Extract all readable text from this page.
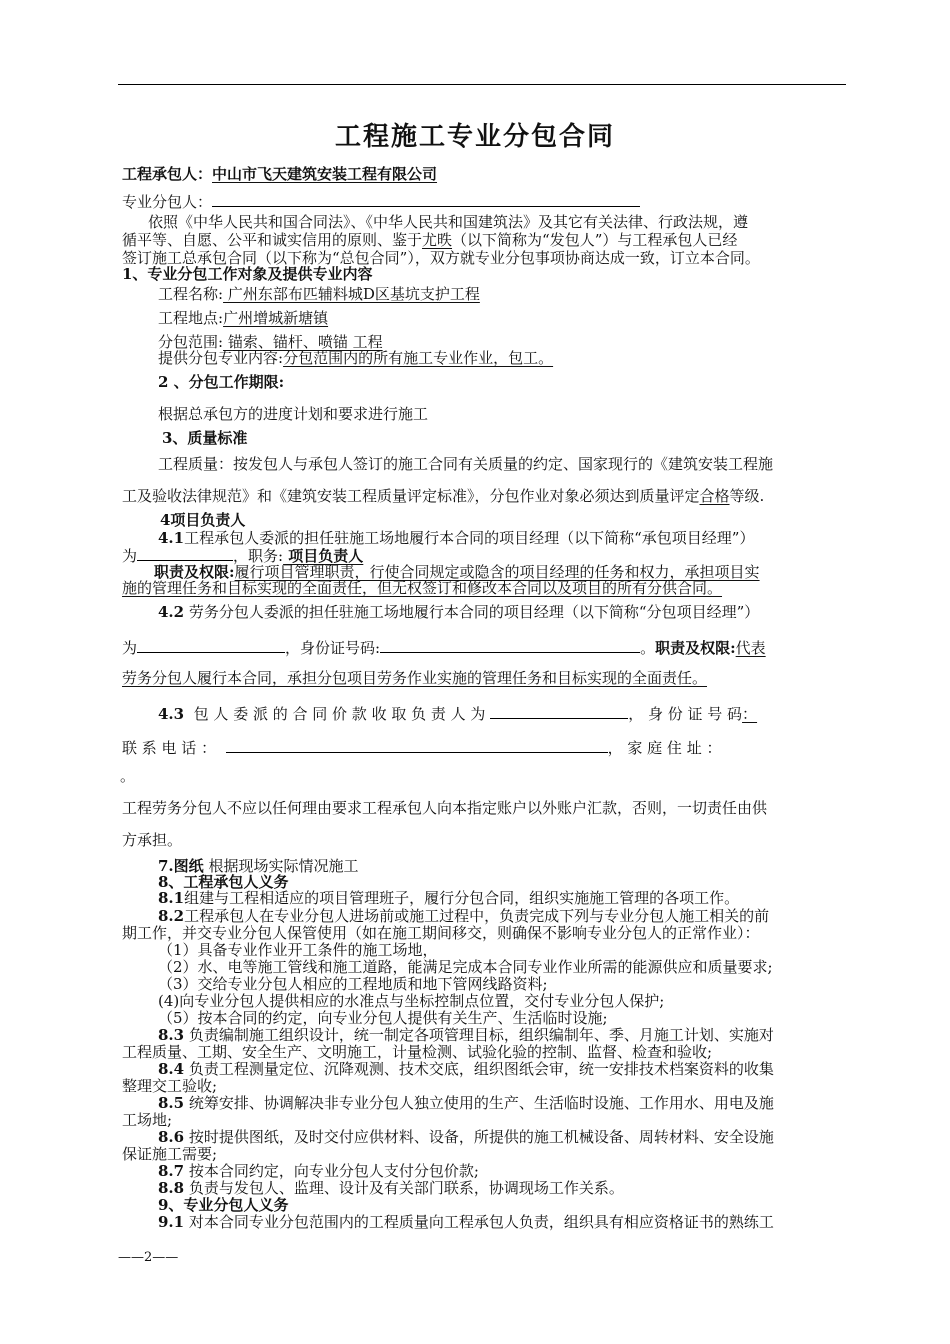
工程施工专业分包合同
工程承包人：中山市飞天建筑安装工程有限公司
专业分包人：
依照《中华人民共和国合同法》、《中华人民共和国建筑法》及其它有关法律、行政法规，遵
循平等、自愿、公平和诚实信用的原则、鉴于尤昳（以下简称为“发包人”）与工程承包人已经
签订施工总承包合同（以下称为“总包合同”），双方就专业分包事项协商达成一致，订立本合同。
1、专业分包工作对象及提供专业内容
工程名称: 广州东部布匹辅料城D区基坑支护工程
工程地点:广州增城新塘镇
分包范围: 锚索、锚杆、喷锚 工程
提供分包专业内容:分包范围内的所有施工专业作业，包工。
2 、分包工作期限:
根据总承包方的进度计划和要求进行施工
3、质量标准
工程质量：按发包人与承包人签订的施工合同有关质量的约定、国家现行的《建筑安装工程施
工及验收法律规范》和《建筑安装工程质量评定标准》，分包作业对象必须达到质量评定合格等级.
4项目负责人
4.1工程承包人委派的担任驻施工场地履行本合同的项目经理（以下简称“承包项目经理”）
为	，职务: 项目负责人
职责及权限:履行项目管理职责，行使合同规定或隐含的项目经理的任务和权力，承担项目实
施的管理任务和目标实现的全面责任，但无权签订和修改本合同以及项目的所有分供合同。
4.2 劳务分包人委派的担任驻施工场地履行本合同的项目经理（以下简称“分包项目经理”）
为	，身份证号码:	。职责及权限:代表
劳务分包人履行本合同，承担分包项目劳务作业实施的管理任务和目标实现的全面责任。
4.3 包 人 委 派 的 合 同 价 款 收 取 负 责 人 为	， 身 份 证 号 码：
联 系 电 话 ：	， 家 庭 住 址 ：
。
工程劳务分包人不应以任何理由要求工程承包人向本指定账户以外账户汇款，否则，一切责任由供
方承担。
7.图纸 根据现场实际情况施工
8、工程承包人义务
8.1组建与工程相适应的项目管理班子，履行分包合同，组织实施施工管理的各项工作。
8.2工程承包人在专业分包人进场前或施工过程中，负责完成下列与专业分包人施工相关的前
期工作，并交专业分包人保管使用（如在施工期间移交，则确保不影响专业分包人的正常作业）：
（1）具备专业作业开工条件的施工场地，
（2）水、电等施工管线和施工道路，能满足完成本合同专业作业所需的能源供应和质量要求;
（3）交给专业分包人相应的工程地质和地下管网线路资料;
(4)向专业分包人提供相应的水准点与坐标控制点位置，交付专业分包人保护;
（5）按本合同的约定，向专业分包人提供有关生产、生活临时设施;
8.3 负责编制施工组织设计，统一制定各项管理目标，组织编制年、季、月施工计划、实施对
工程质量、工期、安全生产、文明施工，计量检测、试验化验的控制、监督、检查和验收;
8.4 负责工程测量定位、沉降观测、技术交底，组织图纸会审，统一安排技术档案资料的收集
整理交工验收;
8.5 统筹安排、协调解决非专业分包人独立使用的生产、生活临时设施、工作用水、用电及施
工场地;
8.6 按时提供图纸，及时交付应供材料、设备，所提供的施工机械设备、周转材料、安全设施
保证施工需要;
8.7 按本合同约定，向专业分包人支付分包价款;
8.8 负责与发包人、监理、设计及有关部门联系，协调现场工作关系。
9、专业分包人义务
9.1 对本合同专业分包范围内的工程质量向工程承包人负责，组织具有相应资格证书的熟练工
——2——
